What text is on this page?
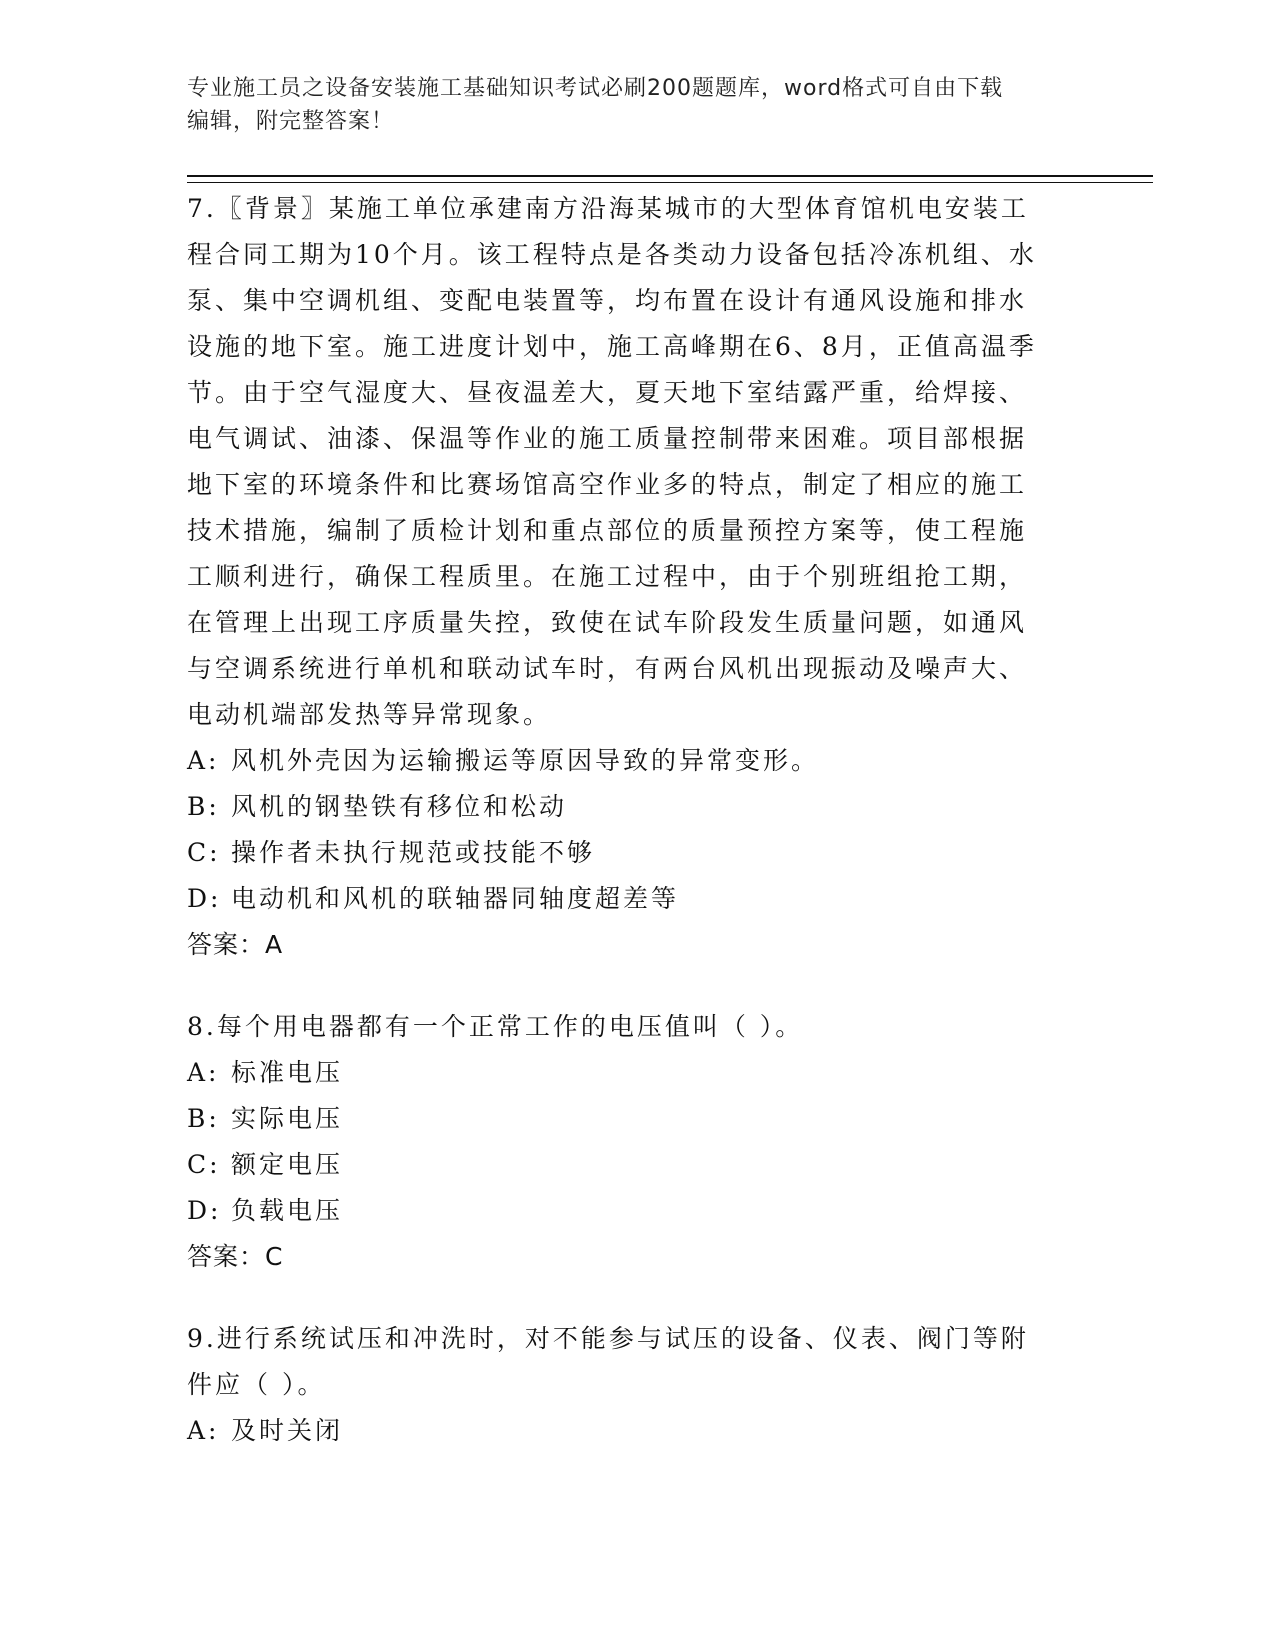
专业施工员之设备安装施工基础知识考试必刷200题题库，word格式可自由下载
编辑，附完整答案！

7.〖背景〗某施工单位承建南方沿海某城市的大型体育馆机电安装工

程合同工期为10个月。该工程特点是各类动力设备包括冷冻机组、水

泵、集中空调机组、变配电装置等，均布置在设计有通风设施和排水

设施的地下室。施工进度计划中，施工高峰期在6、8月，正值高温季

节。由于空气湿度大、昼夜温差大，夏天地下室结露严重，给焊接、

电气调试、油漆、保温等作业的施工质量控制带来困难。项目部根据

地下室的环境条件和比赛场馆高空作业多的特点，制定了相应的施工

技术措施，编制了质检计划和重点部位的质量预控方案等，使工程施

工顺利进行，确保工程质里。在施工过程中，由于个别班组抢工期，

在管理上出现工序质量失控，致使在试车阶段发生质量问题，如通风

与空调系统进行单机和联动试车时，有两台风机出现振动及噪声大、

电动机端部发热等异常现象。

A: 风机外壳因为运输搬运等原因导致的异常变形。

B: 风机的钢垫铁有移位和松动

C: 操作者未执行规范或技能不够

D: 电动机和风机的联轴器同轴度超差等

答案：A

8.每个用电器都有一个正常工作的电压值叫（ ）。

A: 标准电压

B: 实际电压

C: 额定电压

D: 负载电压

答案：C

9.进行系统试压和冲洗时，对不能参与试压的设备、仪表、阀门等附

件应（ ）。

A: 及时关闭
